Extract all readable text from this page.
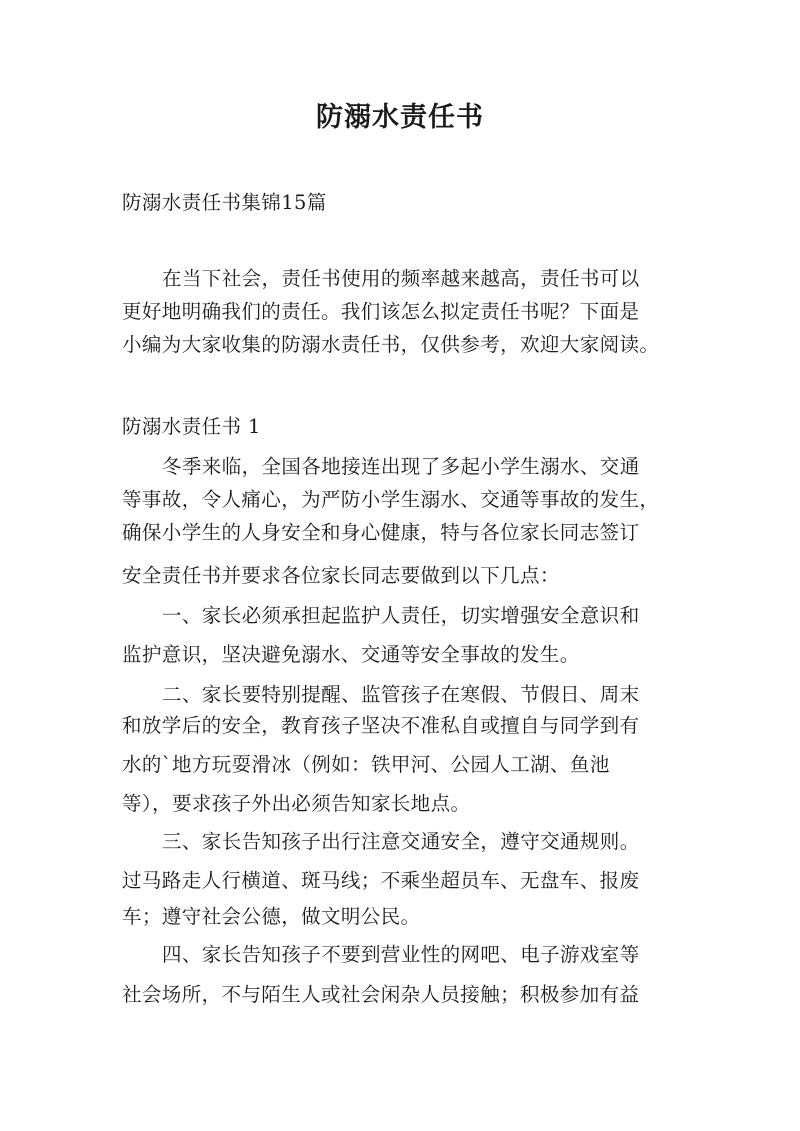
防溺水责任书

防溺水责任书集锦15篇

在当下社会，责任书使用的频率越来越高，责任书可以

更好地明确我们的责任。我们该怎么拟定责任书呢？下面是

小编为大家收集的防溺水责任书，仅供参考，欢迎大家阅读。

防溺水责任书 1

冬季来临，全国各地接连出现了多起小学生溺水、交通

等事故，令人痛心，为严防小学生溺水、交通等事故的发生，

确保小学生的人身安全和身心健康，特与各位家长同志签订

安全责任书并要求各位家长同志要做到以下几点：

一、家长必须承担起监护人责任，切实增强安全意识和

监护意识，坚决避免溺水、交通等安全事故的发生。

二、家长要特别提醒、监管孩子在寒假、节假日、周末

和放学后的安全，教育孩子坚决不准私自或擅自与同学到有

水的`地方玩耍滑冰（例如：铁甲河、公园人工湖、鱼池

等），要求孩子外出必须告知家长地点。

三、家长告知孩子出行注意交通安全，遵守交通规则。

过马路走人行横道、斑马线；不乘坐超员车、无盘车、报废

车；遵守社会公德，做文明公民。

四、家长告知孩子不要到营业性的网吧、电子游戏室等

社会场所，不与陌生人或社会闲杂人员接触；积极参加有益
